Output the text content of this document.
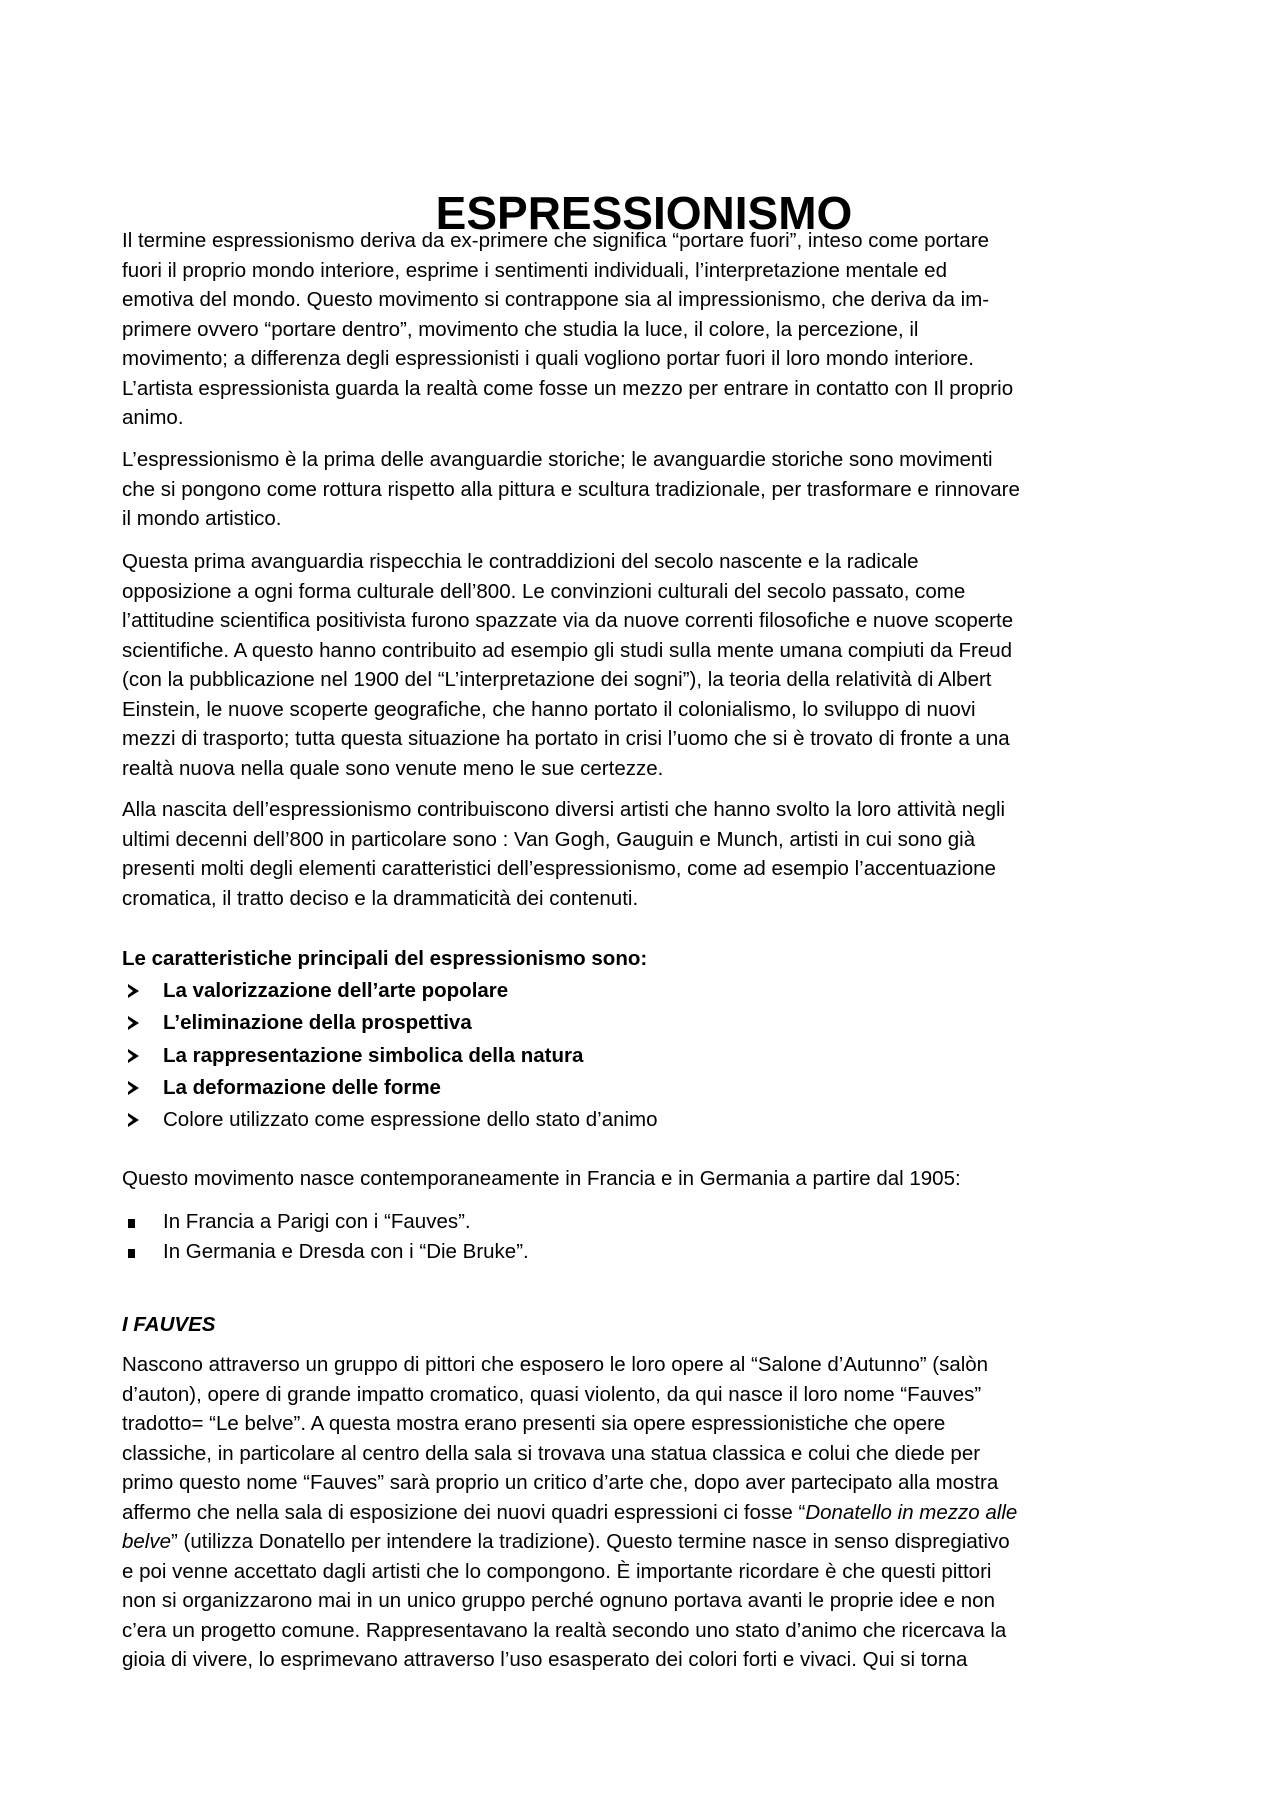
ESPRESSIONISMO
Il termine espressionismo deriva da ex-primere che significa “portare fuori”, inteso come portare
fuori il proprio mondo interiore, esprime i sentimenti individuali, l’interpretazione mentale ed
emotiva del mondo. Questo movimento si contrappone sia al impressionismo, che deriva da im-
primere ovvero “portare dentro”, movimento che studia la luce, il colore, la percezione, il
movimento; a differenza degli espressionisti i quali vogliono portar fuori il loro mondo interiore.
L’artista espressionista guarda la realtà come fosse un mezzo per entrare in contatto con Il proprio
animo.
L’espressionismo è la prima delle avanguardie storiche; le avanguardie storiche sono movimenti
che si pongono come rottura rispetto alla pittura e scultura tradizionale, per trasformare e rinnovare
il mondo artistico.
Questa prima avanguardia rispecchia le contraddizioni del secolo nascente e la radicale
opposizione a ogni forma culturale dell’800. Le convinzioni culturali del secolo passato, come
l’attitudine scientifica positivista furono spazzate via da nuove correnti filosofiche e nuove scoperte
scientifiche. A questo hanno contribuito ad esempio gli studi sulla mente umana compiuti da Freud
(con la pubblicazione nel 1900 del “L’interpretazione dei sogni”), la teoria della relatività di Albert
Einstein, le nuove scoperte geografiche, che hanno portato il colonialismo, lo sviluppo di nuovi
mezzi di trasporto; tutta questa situazione ha portato in crisi l’uomo che si è trovato di fronte a una
realtà nuova nella quale sono venute meno le sue certezze.
Alla nascita dell’espressionismo contribuiscono diversi artisti che hanno svolto la loro attività negli
ultimi decenni dell’800 in particolare sono : Van Gogh, Gauguin e Munch, artisti in cui sono già
presenti molti degli elementi caratteristici dell’espressionismo, come ad esempio l’accentuazione
cromatica, il tratto deciso e la drammaticità dei contenuti.
Le caratteristiche principali del espressionismo sono:
La valorizzazione dell’arte popolare
L’eliminazione della prospettiva
La rappresentazione simbolica della natura
La deformazione delle forme
Colore utilizzato come espressione dello stato d’animo
Questo movimento nasce contemporaneamente in Francia e in Germania a partire dal 1905:
In Francia a Parigi con i “Fauves”.
In Germania e Dresda con i “Die Bruke”.
I FAUVES
Nascono attraverso un gruppo di pittori che esposero le loro opere al “Salone d’Autunno” (salòn
d’auton), opere di grande impatto cromatico, quasi violento, da qui nasce il loro nome “Fauves”
tradotto= “Le belve”. A questa mostra erano presenti sia opere espressionistiche che opere
classiche, in particolare al centro della sala si trovava una statua classica e colui che diede per
primo questo nome “Fauves” sarà proprio un critico d’arte che, dopo aver partecipato alla mostra
affermo che nella sala di esposizione dei nuovi quadri espressioni ci fosse “Donatello in mezzo alle
belve” (utilizza Donatello per intendere la tradizione). Questo termine nasce in senso dispregiativo
e poi venne accettato dagli artisti che lo compongono. È importante ricordare è che questi pittori
non si organizzarono mai in un unico gruppo perché ognuno portava avanti le proprie idee e non
c’era un progetto comune. Rappresentavano la realtà secondo uno stato d’animo che ricercava la
gioia di vivere, lo esprimevano attraverso l’uso esasperato dei colori forti e vivaci. Qui si torna
